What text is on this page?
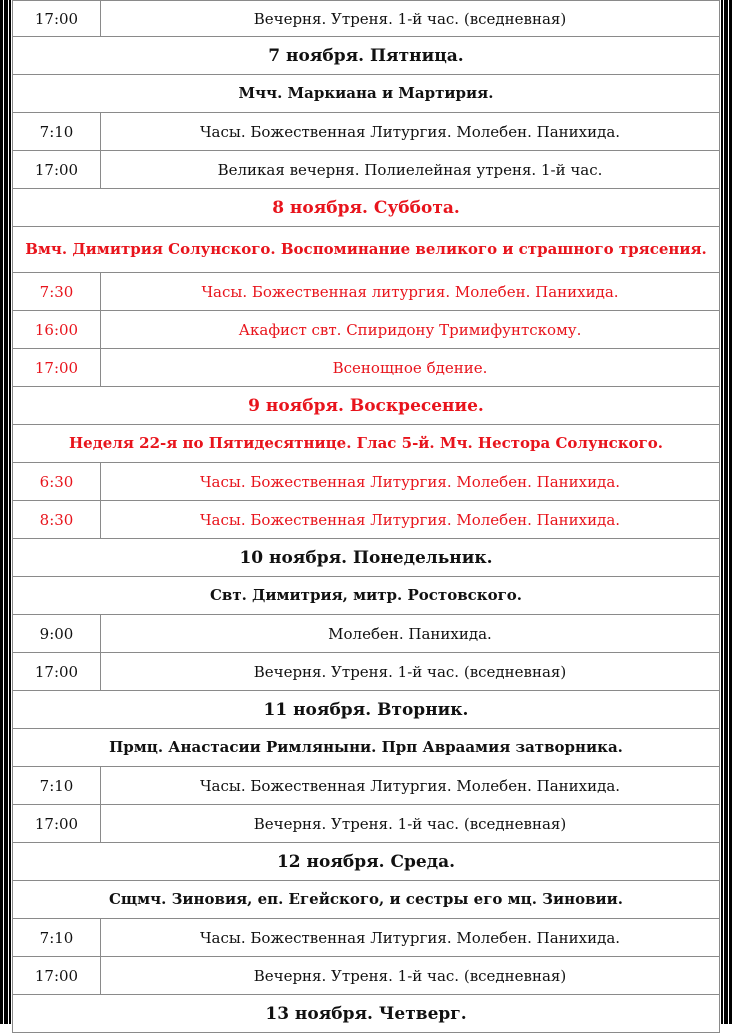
17:00	Вечерня. Утреня. 1-й час. (вседневная)
7 ноября. Пятница.	
Мчч. Маркиана и Мартирия.	
7:10	Часы. Божественная Литургия. Молебен. Панихида.
17:00	Великая вечерня. Полиелейная утреня. 1-й час.
8 ноября. Суббота.	
Вмч. Димитрия Солунского. Воспоминание великого и страшного трясения.	
7:30	Часы. Божественная литургия. Молебен. Панихида.
16:00	Акафист свт. Спиридону Тримифунтскому.
17:00	Всенощное бдение.
9 ноября. Воскресение.	
Неделя 22-я по Пятидесятнице. Глас 5-й. Мч. Нестора Солунского.	
6:30	Часы. Божественная Литургия. Молебен. Панихида.
8:30	Часы. Божественная Литургия. Молебен. Панихида.
10 ноября. Понедельник.	
Свт. Димитрия, митр. Ростовского.	
9:00	Молебен. Панихида.
17:00	Вечерня. Утреня. 1-й час. (вседневная)
11 ноября. Вторник.	
Прмц. Анастасии Римляныни. Прп Авраамия затворника.	
7:10	Часы. Божественная Литургия. Молебен. Панихида.
17:00	Вечерня. Утреня. 1-й час. (вседневная)
12 ноября. Среда.	
Сщмч. Зиновия, еп. Егейского, и сестры его мц. Зиновии.	
7:10	Часы. Божественная Литургия. Молебен. Панихида.
17:00	Вечерня. Утреня. 1-й час. (вседневная)
13 ноября. Четверг.	
